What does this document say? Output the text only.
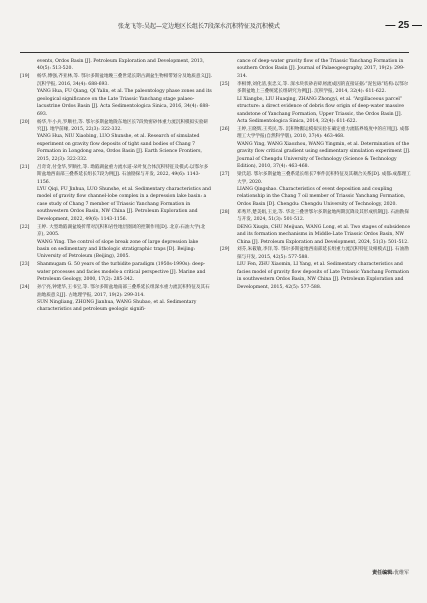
张龙飞等:吴起—定边地区长组长7段深水沉积特征及沉积模式	— 25 —
events, Ordos Basin [J]. Petroleum Exploration and Development, 2013, 40(5): 513-520.
[19] 杨华,傅强,齐亚林,等. 鄂尔多斯盆地晚三叠世延长期古湖盆生物相带划分及地质意义[J]. 沉积学报, 2016, 34(4): 688-693.
YANG Hua, FU Qiang, QI Yalin, et al. The paleontology phase zones and its geological significance on the Late Triassic Yanchang stage palaeo-lacustrine Ordos Basin [J]. Acta Sedimentologica Sinica, 2016, 34(4): 688-693.
[20] 杨华,牛小兵,罗顺社,等. 鄂尔多斯盆地陇东地区长7段致密砂体重力流沉积模拟实验研究[J]. 地学前缘, 2015, 22(3): 322-332.
YANG Hua, NIU Xiaobing, LUO Shunshe, et al. Research of simulated experiment on gravity flow deposits of tight sand bodies of Chang 7 Formation in Longdong area, Ordos Basin [J]. Earth Science Frontiers, 2015, 22(3): 322-332.
[21] 吕奇奇,付金华,罗顺社,等. 坳陷湖盆重力流水道-朵叶复合体沉积特征及模式:以鄂尔多斯盆地西南部三叠系延长组长7段为例[J]. 石油勘探与开发, 2022, 49(6): 1143-1156.
LYU Qiqi, FU Jinhua, LUO Shunshe, et al. Sedimentary characteristics and model of gravity flow channel-lobe complex in a depression lake basin: a case study of Chang 7 member of Triassic Yanchang Formation in southwestern Ordos Basin, NW China [J]. Petroleum Exploration and Development, 2022, 49(6): 1143-1156.
[22] 王婷. 大型坳陷湖盆坡折带对沉积和岩性地层圈闭的控制作用[D]. 北京:石油大学(北京), 2005.
WANG Ying. The control of slope break zone of large depression lake basin on sedimentary and lithologic stratigraphic traps [D]. Beijing: University of Petroleum (Beijing), 2005.
[23] Shanmugam G. 50 years of the turbidite paradigm (1950s-1990s): deep-water processes and facies models-a critical perspective [J]. Marine and Petroleum Geology, 2000, 17(2): 285-342.
[24] 孙宁亮,钟建华,王书宝,等. 鄂尔多斯盆地南部三叠系延长组深水重力流沉积特征及其石油地质意义[J]. 古地理学报, 2017, 19(2): 299-314.
SUN Ningliang, ZHONG Jianhua, WANG Shubao, et al. Sedimentary characteristics and petroleum geologic signifi-
cance of deep-water gravity flow of the Triassic Yanchang Formation in southern Ordos Basin [J]. Journal of Palaeogeography, 2017, 19(2): 299-314.
[25] 李相博,刘化清,张忠义,等. 深水块状砂岩碎屑流成因的直接证据:“泥包砾”结构:以鄂尔多斯盆地上三叠统延长组研究为例[J]. 沉积学报, 2014, 32(4): 611-622.
LI Xiangbo, LIU Huaqing, ZHANG Zhongyi, et al. “Argillaceous parcel” structure: a direct evidence of debris flow origin of deep-water massive sandstone of Yanchang Formation, Upper Triassic, the Ordos Basin [J]. Acta Sedimentologica Sinica, 2014, 32(4): 611-622.
[26] 王婷,王晓辉,王英民,等. 沉积物搬运模拟实验在确定重力流临界坡度中的应用[J]. 成都理工大学学报(自然科学版), 2010, 37(4): 463-468.
WANG Ying, WANG Xiaozhou, WANG Yingmin, et al. Determination of the gravity flow critical gradient using sedimentary simulation experiment [J]. Journal of Chengdu University of Technology (Science & Technology Edition), 2010, 37(4): 463-468.
[27] 梁氏超. 鄂尔多斯盆地三叠系延长组长7事件沉积特征及其耦合关系[D]. 成都:成都理工大学, 2020.
LIANG Qingshao. Characteristics of event deposition and coupling relationship in the Chang 7 oil member of Triassic Yanchang Formation, Ordos Basin [D]. Chengdu: Chengdu University of Technology, 2020.
[28] 邓秀芹,楚美娟,王龙,等. 华北三叠世鄂尔多斯盆地两期沉降及其形成机制[J]. 石油勘探与开发, 2024, 51(3): 501-512.
DENG Xiuqin, CHU Meijuan, WANG Long, et al. Two stages of subsidence and its formation mechanisms in Middle-Late Triassic Ordos Basin, NW China [J]. Petroleum Exploration and Development, 2024, 51(3): 501-512.
[29] 刘芬,朱筱敏,李洋,等. 鄂尔多斯盆地西南部延长组重力流沉积特征及相模式[J]. 石油勘探与开发, 2015, 42(5): 577-588.
LIU Fen, ZHU Xiaomin, LI Yang, et al. Sedimentary characteristics and facies model of gravity flow deposits of Late Triassic Yanchang Formation in southwestern Ordos Basin, NW China [J]. Petroleum Exploration and Development, 2015, 42(5): 577-588.
责任编辑:优维军
